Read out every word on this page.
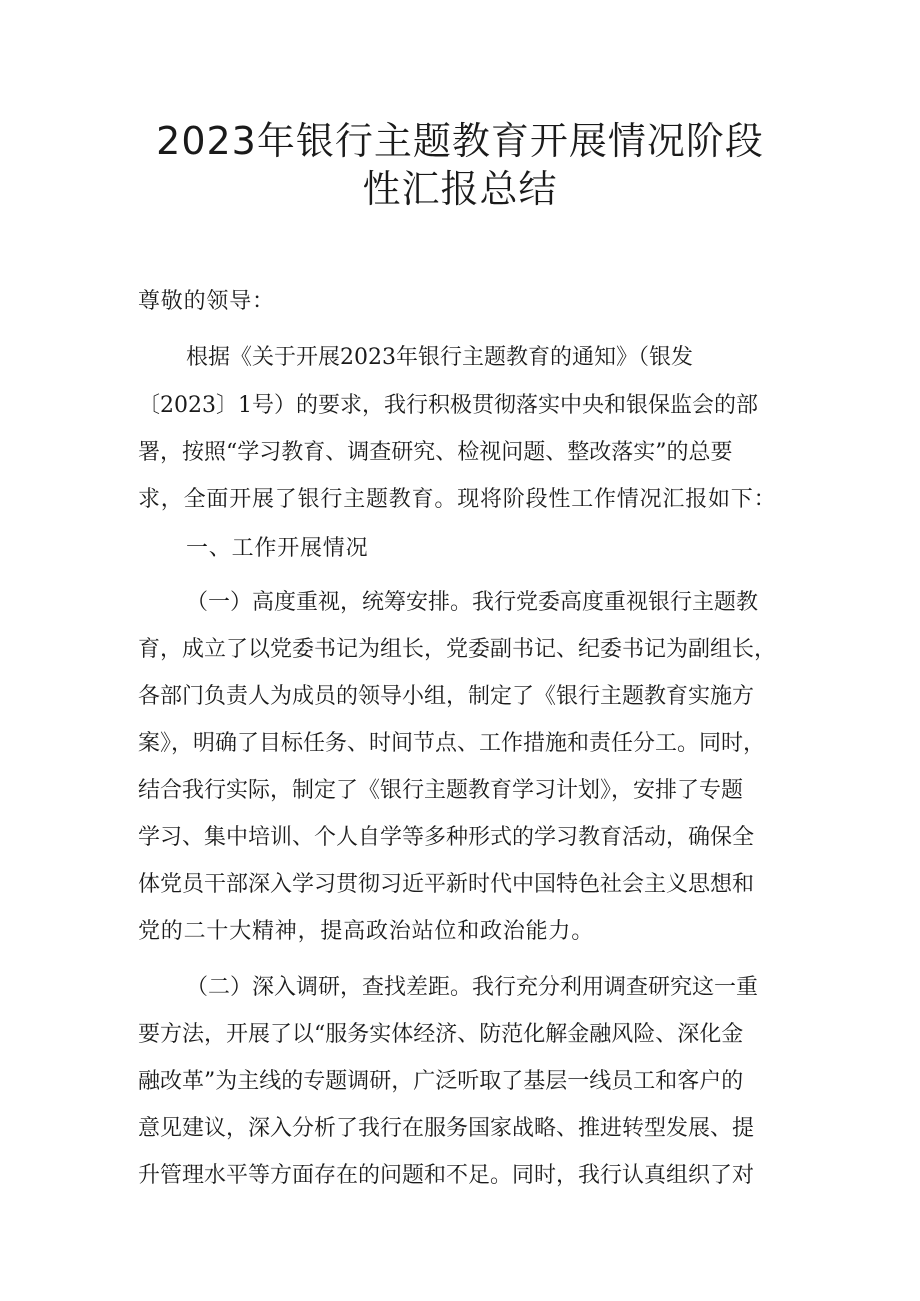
2023年银行主题教育开展情况阶段
性汇报总结
尊敬的领导：
根据《关于开展2023年银行主题教育的通知》（银发
〔2023〕1号）的要求，我行积极贯彻落实中央和银保监会的部
署，按照“学习教育、调查研究、检视问题、整改落实”的总要
求，全面开展了银行主题教育。现将阶段性工作情况汇报如下：
一、工作开展情况
（一）高度重视，统筹安排。我行党委高度重视银行主题教
育，成立了以党委书记为组长，党委副书记、纪委书记为副组长，
各部门负责人为成员的领导小组，制定了《银行主题教育实施方
案》，明确了目标任务、时间节点、工作措施和责任分工。同时，
结合我行实际，制定了《银行主题教育学习计划》，安排了专题
学习、集中培训、个人自学等多种形式的学习教育活动，确保全
体党员干部深入学习贯彻习近平新时代中国特色社会主义思想和
党的二十大精神，提高政治站位和政治能力。
（二）深入调研，查找差距。我行充分利用调查研究这一重
要方法，开展了以“服务实体经济、防范化解金融风险、深化金
融改革”为主线的专题调研，广泛听取了基层一线员工和客户的
意见建议，深入分析了我行在服务国家战略、推进转型发展、提
升管理水平等方面存在的问题和不足。同时，我行认真组织了对
